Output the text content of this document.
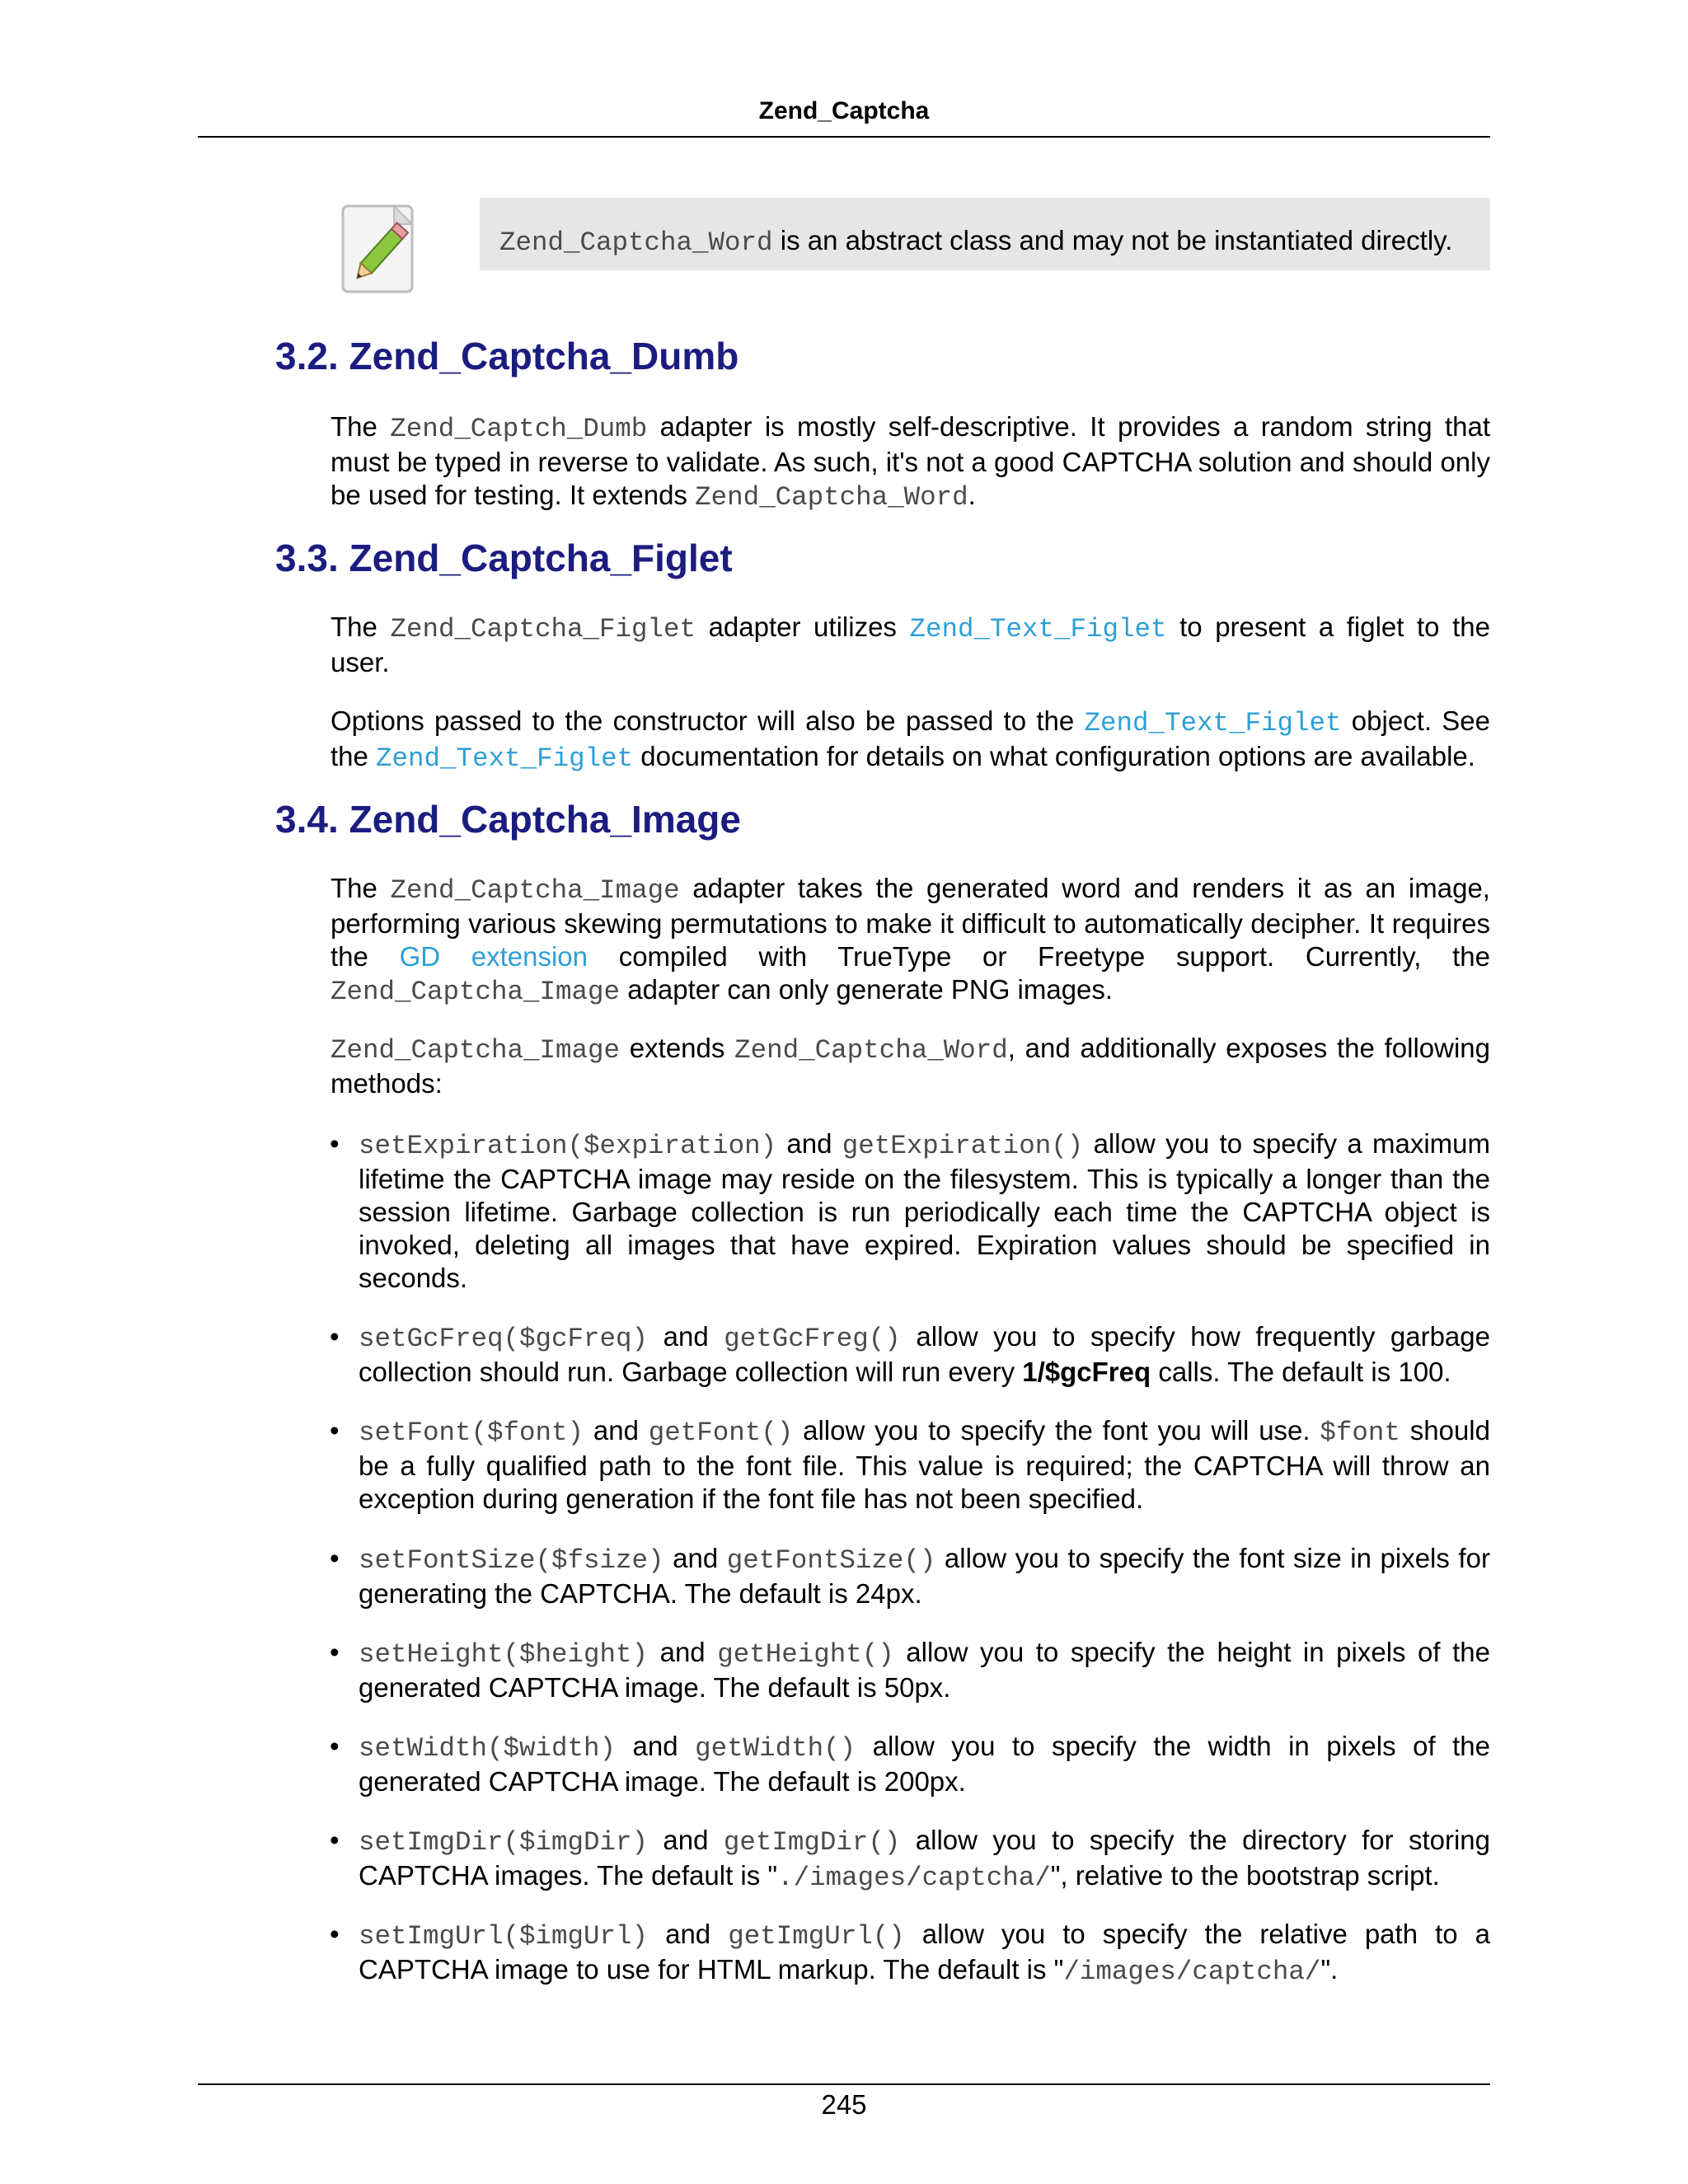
Zend_Captcha
Zend_Captcha_Word is an abstract class and may not be instantiated directly.
3.2. Zend_Captcha_Dumb

The Zend_Captch_Dumb adapter is mostly self-descriptive. It provides a random string that must be typed in reverse to validate. As such, it's not a good CAPTCHA solution and should only be used for testing. It extends Zend_Captcha_Word.

3.3. Zend_Captcha_Figlet

The Zend_Captcha_Figlet adapter utilizes Zend_Text_Figlet to present a figlet to the user.

Options passed to the constructor will also be passed to the Zend_Text_Figlet object. See the Zend_Text_Figlet documentation for details on what configuration options are available.

3.4. Zend_Captcha_Image

The Zend_Captcha_Image adapter takes the generated word and renders it as an image, performing various skewing permutations to make it difficult to automatically decipher. It requires the GD extension compiled with TrueType or Freetype support. Currently, the Zend_Captcha_Image adapter can only generate PNG images.

Zend_Captcha_Image extends Zend_Captcha_Word, and additionally exposes the following methods:

• setExpiration($expiration) and getExpiration() allow you to specify a maximum lifetime the CAPTCHA image may reside on the filesystem. This is typically a longer than the session lifetime. Garbage collection is run periodically each time the CAPTCHA object is invoked, deleting all images that have expired. Expiration values should be specified in seconds.

• setGcFreq($gcFreq) and getGcFreg() allow you to specify how frequently garbage collection should run. Garbage collection will run every 1/$gcFreq calls. The default is 100.

• setFont($font) and getFont() allow you to specify the font you will use. $font should be a fully qualified path to the font file. This value is required; the CAPTCHA will throw an exception during generation if the font file has not been specified.

• setFontSize($fsize) and getFontSize() allow you to specify the font size in pixels for generating the CAPTCHA. The default is 24px.

• setHeight($height) and getHeight() allow you to specify the height in pixels of the generated CAPTCHA image. The default is 50px.

• setWidth($width) and getWidth() allow you to specify the width in pixels of the generated CAPTCHA image. The default is 200px.

• setImgDir($imgDir) and getImgDir() allow you to specify the directory for storing CAPTCHA images. The default is "./images/captcha/", relative to the bootstrap script.

• setImgUrl($imgUrl) and getImgUrl() allow you to specify the relative path to a CAPTCHA image to use for HTML markup. The default is "/images/captcha/".

245
